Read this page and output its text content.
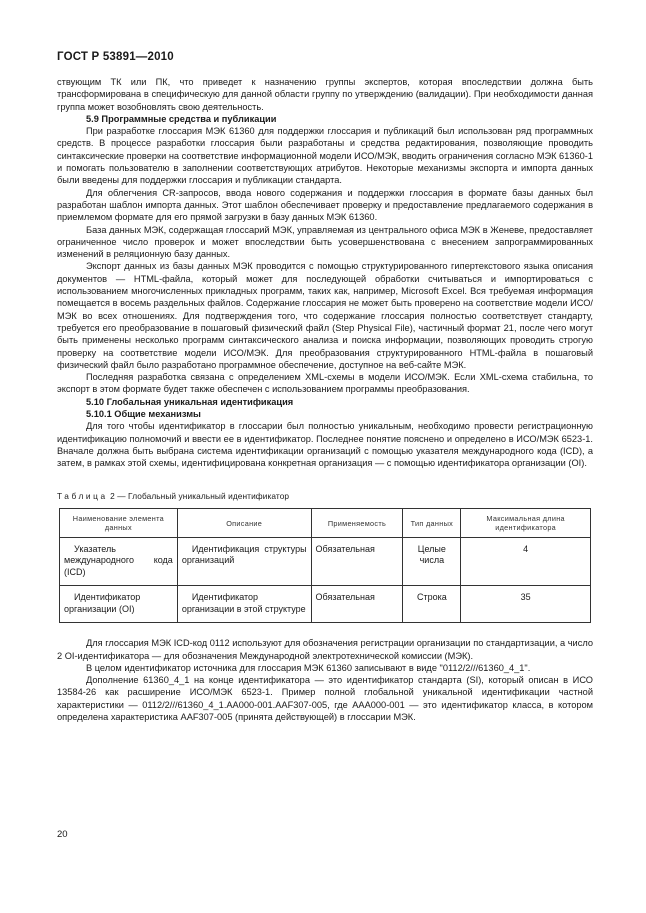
ГОСТ Р 53891—2010

ствующим ТК или ПК, что приведет к назначению группы экспертов, которая впоследствии должна быть трансформирована в специфическую для данной области группу по утверждению (валидации). При необходимости данная группа может возобновлять свою деятельность.

5.9 Программные средства и публикации

При разработке глоссария МЭК 61360 для поддержки глоссария и публикаций был использован ряд программных средств. В процессе разработки глоссария были разработаны и средства редактирования, позволяющие проводить синтаксические проверки на соответствие информационной модели ИСО/МЭК, вводить ограничения согласно МЭК 61360-1 и помогать пользователю в заполнении соответствующих атрибутов. Некоторые механизмы экспорта и импорта данных были введены для поддержки глоссария и публикации стандарта.

Для облегчения CR-запросов, ввода нового содержания и поддержки глоссария в формате базы данных был разработан шаблон импорта данных. Этот шаблон обеспечивает проверку и предоставление предлагаемого содержания в приемлемом формате для его прямой загрузки в базу данных МЭК 61360.

База данных МЭК, содержащая глоссарий МЭК, управляемая из центрального офиса МЭК в Женеве, предоставляет ограниченное число проверок и может впоследствии быть усовершенствована с внесением запрограммированных изменений в реляционную базу данных.

Экспорт данных из базы данных МЭК проводится с помощью структурированного гипертекстового языка описания документов — HTML-файла, который может для последующей обработки считываться и импортироваться с использованием многочисленных прикладных программ, таких как, например, Microsoft Excel. Вся требуемая информация помещается в восемь раздельных файлов. Содержание глоссария не может быть проверено на соответствие модели ИСО/МЭК во всех отношениях. Для подтверждения того, что содержание глоссария полностью соответствует стандарту, требуется его преобразование в пошаговый физический файл (Step Physical File), частичный формат 21, после чего могут быть применены несколько программ синтаксического анализа и поиска информации, позволяющих проводить строгую проверку на соответствие модели ИСО/МЭК. Для преобразования структурированного HTML-файла в пошаговый физический файл было разработано программное обеспечение, доступное на веб-сайте МЭК.

Последняя разработка связана с определением XML-схемы в модели ИСО/МЭК. Если XML-схема стабильна, то экспорт в этом формате будет также обеспечен с использованием программы преобразования.

5.10 Глобальная уникальная идентификация
5.10.1 Общие механизмы

Для того чтобы идентификатор в глоссарии был полностью уникальным, необходимо провести регистрационную идентификацию полномочий и ввести ее в идентификатор. Последнее понятие пояснено и определено в ИСО/МЭК 6523-1. Вначале должна быть выбрана система идентификации организаций с помощью указателя международного кода (ICD), а затем, в рамках этой схемы, идентифицирована конкретная организация — с помощью идентификатора организации (OI).

Таблица 2 — Глобальный уникальный идентификатор
Наименование элемента данных	Описание	Применяемость	Тип данных	Максимальная длина идентификатора
Указатель международного кода (ICD)	Идентификация структуры организаций	Обязательная	Целые числа	4
Идентификатор организации (OI)	Идентификатор организации в этой структуре	Обязательная	Строка	35

Для глоссария МЭК ICD-код 0112 используют для обозначения регистрации организации по стандартизации, а число 2 OI-идентификатора — для обозначения Международной электротехнической комиссии (МЭК).

В целом идентификатор источника для глоссария МЭК 61360 записывают в виде "0112/2///61360_4_1".

Дополнение 61360_4_1 на конце идентификатора — это идентификатор стандарта (SI), который описан в ИСО 13584-26 как расширение ИСО/МЭК 6523-1. Пример полной глобальной уникальной идентификации частной характеристики — 0112/2///61360_4_1.AA000-001.AAF307-005, где AAA000-001 — это идентификатор класса, в котором определена характеристика AAF307-005 (принята действующей) в глоссарии МЭК.

20
